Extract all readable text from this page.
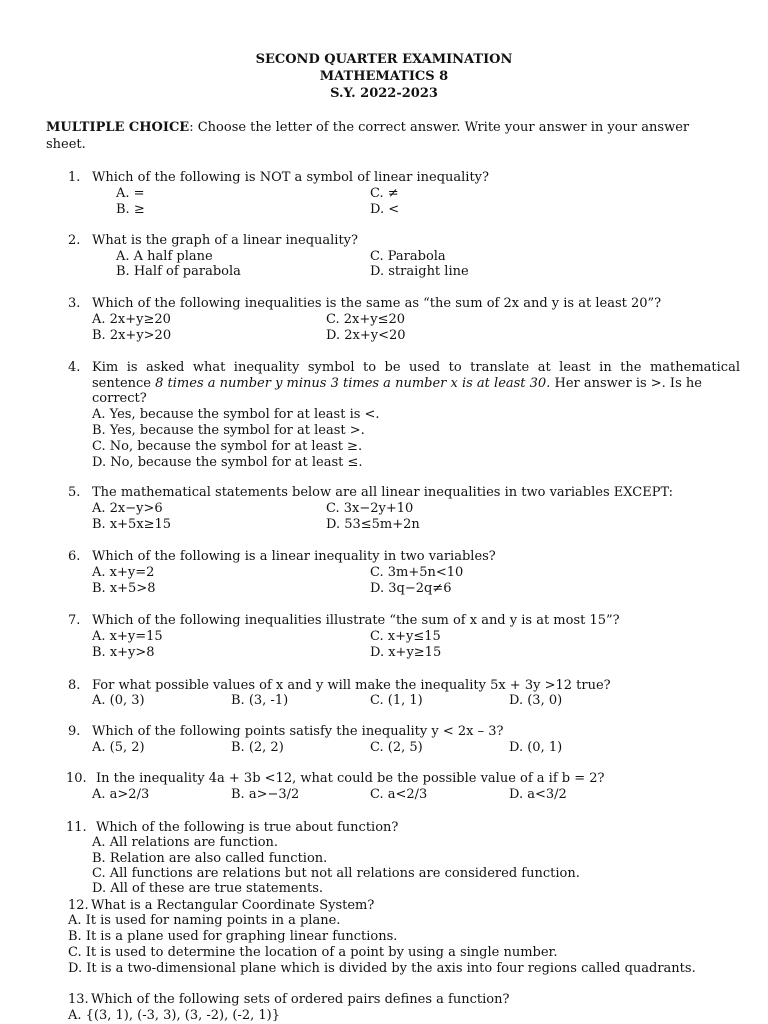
SECOND QUARTER EXAMINATION
MATHEMATICS 8
S.Y. 2022-2023
MULTIPLE CHOICE: Choose the letter of the correct answer. Write your answer in your answer sheet.
1. Which of the following is NOT a symbol of linear inequality?
A. =
B. ≥
C. ≠
D. <
2. What is the graph of a linear inequality?
A. A half plane
B. Half of parabola
C. Parabola
D. straight line
3. Which of the following inequalities is the same as “the sum of 2x and y is at least 20”?
A. 2x+y≥20
B. 2x+y>20
C. 2x+y≤20
D. 2x+y<20
4. Kim is asked what inequality symbol to be used to translate at least in the mathematical
sentence 8 times a number y minus 3 times a number x is at least 30. Her answer is >. Is he
correct?
A. Yes, because the symbol for at least is <.
B. Yes, because the symbol for at least >.
C. No, because the symbol for at least ≥.
D. No, because the symbol for at least ≤.
5. The mathematical statements below are all linear inequalities in two variables EXCEPT:
A. 2x−y>6
B. x+5x≥15
C. 3x−2y+10
D. 53≤5m+2n
6. Which of the following is a linear inequality in two variables?
A. x+y=2
B. x+5>8
C. 3m+5n<10
D. 3q−2q≠6
7. Which of the following inequalities illustrate “the sum of x and y is at most 15”?
A. x+y=15
B. x+y>8
C. x+y≤15
D. x+y≥15
8. For what possible values of x and y will make the inequality 5x + 3y >12 true?
A. (0, 3)	B. (3, -1)	C. (1, 1)	D. (3, 0)
9. Which of the following points satisfy the inequality y < 2x – 3?
A. (5, 2)	B. (2, 2)	C. (2, 5)	D. (0, 1)
10. In the inequality 4a + 3b <12, what could be the possible value of a if b = 2?
A. a>2/3	B. a>−3/2	C. a<2/3	D. a<3/2
11. Which of the following is true about function?
A. All relations are function.
B. Relation are also called function.
C. All functions are relations but not all relations are considered function.
D. All of these are true statements.
12. What is a Rectangular Coordinate System?
A. It is used for naming points in a plane.
B. It is a plane used for graphing linear functions.
C. It is used to determine the location of a point by using a single number.
D. It is a two-dimensional plane which is divided by the axis into four regions called quadrants.
13. Which of the following sets of ordered pairs defines a function?
A. {(3, 1), (-3, 3), (3, -2), (-2, 1)}
